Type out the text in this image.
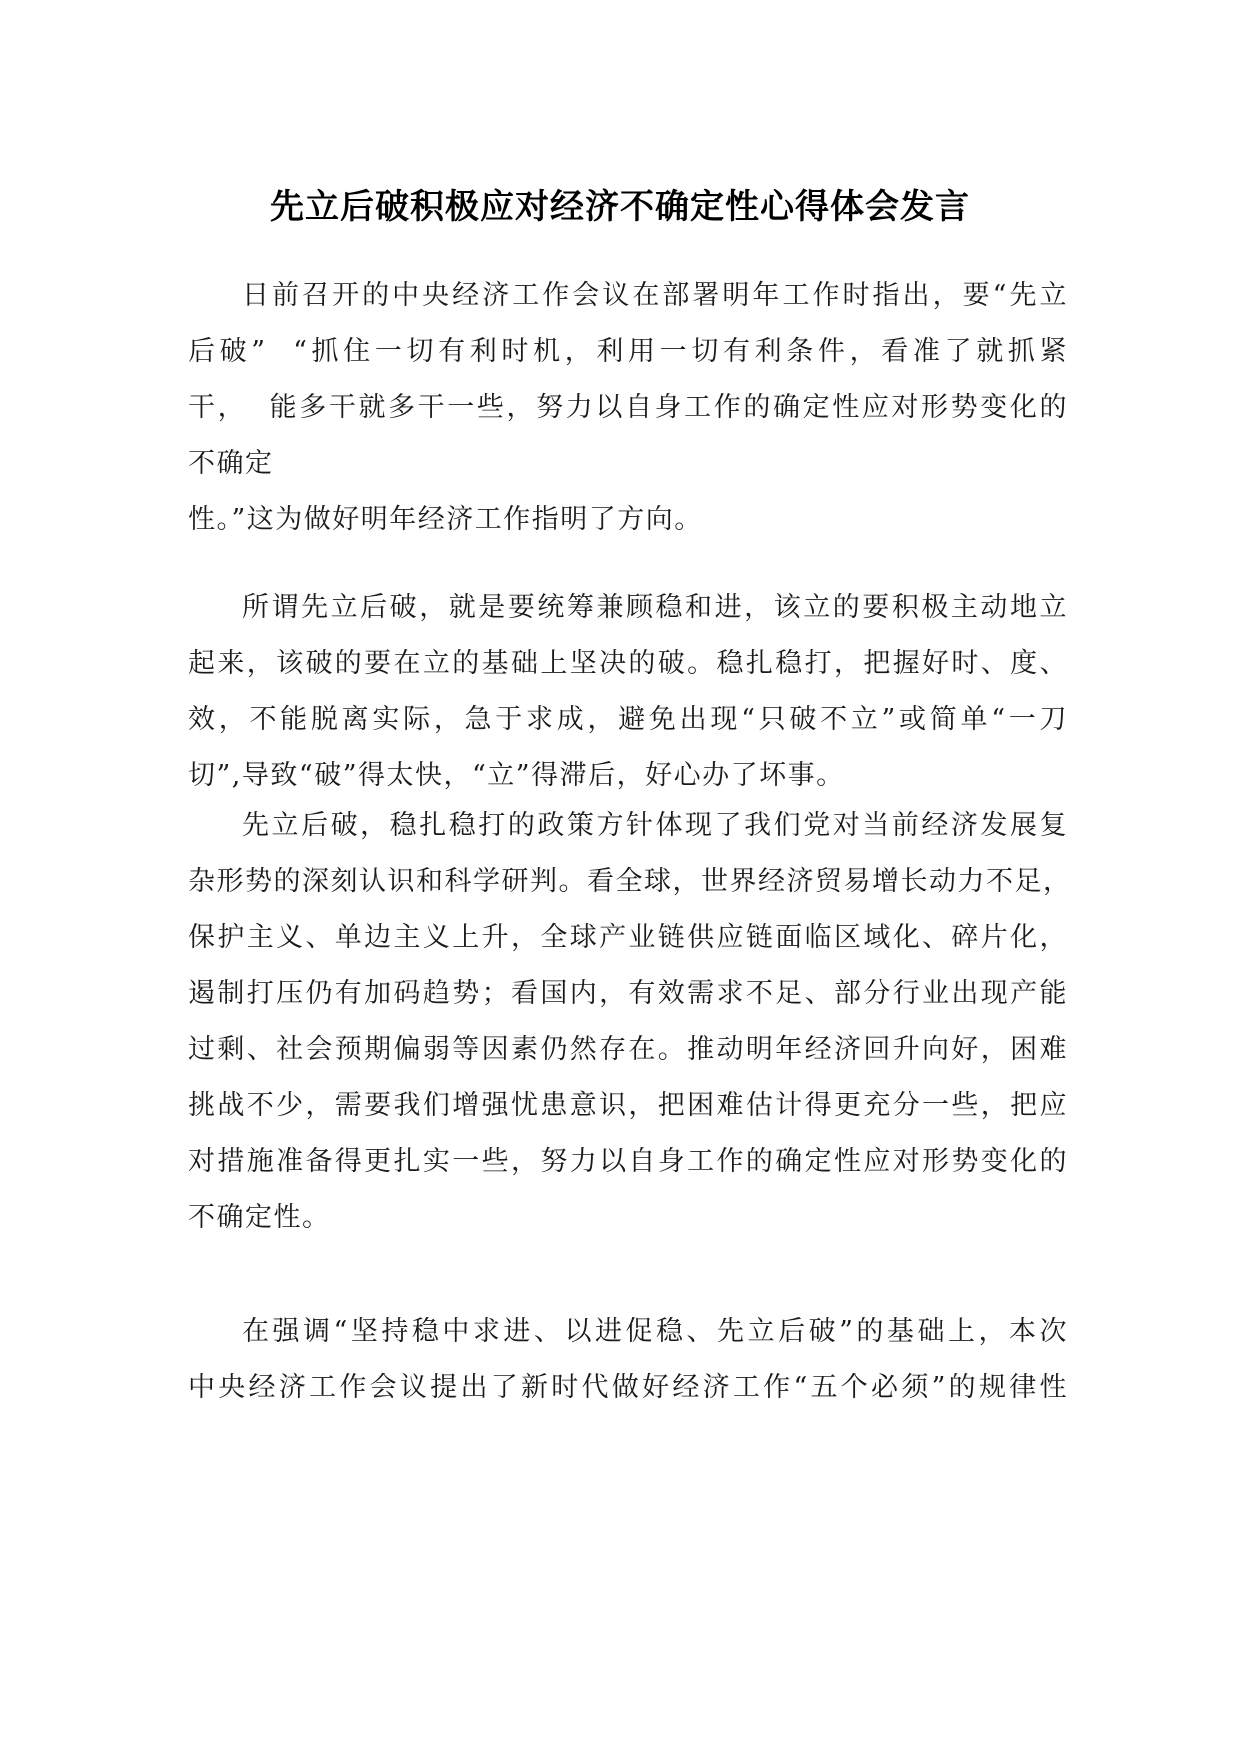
先立后破积极应对经济不确定性心得体会发言
日前召开的中央经济工作会议在部署明年工作时指出，要“先立
后破”  “抓住一切有利时机，利用一切有利条件，看准了就抓紧
干，  能多干就多干一些，努力以自身工作的确定性应对形势变化的
不确定
性。”这为做好明年经济工作指明了方向。
所谓先立后破，就是要统筹兼顾稳和进，该立的要积极主动地立
起来，该破的要在立的基础上坚决的破。稳扎稳打，把握好时、度、
效，不能脱离实际，急于求成，避免出现“只破不立”或简单“一刀
切”,导致“破”得太快，“立”得滞后，好心办了坏事。
先立后破，稳扎稳打的政策方针体现了我们党对当前经济发展复
杂形势的深刻认识和科学研判。看全球，世界经济贸易增长动力不足，
保护主义、单边主义上升，全球产业链供应链面临区域化、碎片化，
遏制打压仍有加码趋势；看国内，有效需求不足、部分行业出现产能
过剩、社会预期偏弱等因素仍然存在。推动明年经济回升向好，困难
挑战不少，需要我们增强忧患意识，把困难估计得更充分一些，把应
对措施准备得更扎实一些，努力以自身工作的确定性应对形势变化的
不确定性。
在强调“坚持稳中求进、以进促稳、先立后破”的基础上，本次
中央经济工作会议提出了新时代做好经济工作“五个必须”的规律性
